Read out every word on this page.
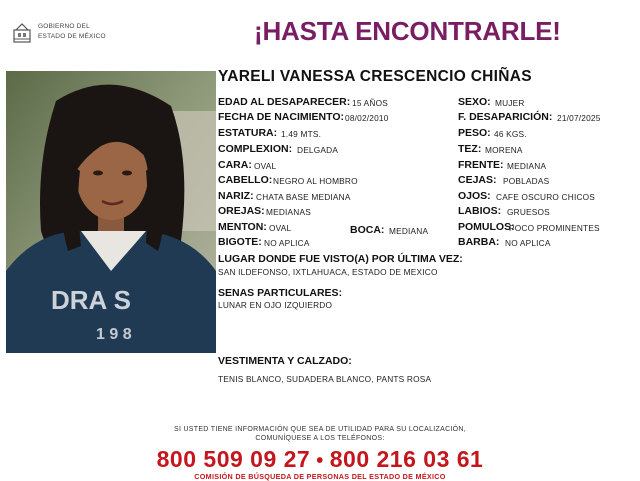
GOBIERNO DEL
ESTADO DE MÉXICO	¡HASTA ENCONTRARLE!
DRA S
1 9 8
YARELI VANESSA CRESCENCIO CHIÑAS
EDAD AL DESAPARECER: 15 AÑOS
FECHA DE NACIMIENTO: 08/02/2010
ESTATURA: 1.49 MTS.
COMPLEXION: DELGADA
CARA: OVAL
CABELLO: NEGRO AL HOMBRO
NARIZ: CHATA BASE MEDIANA
OREJAS: MEDIANAS
MENTON: OVAL
BIGOTE: NO APLICA
BOCA: MEDIANA
SEXO: MUJER
F. DESAPARICIÓN: 21/07/2025
PESO: 46 KGS.
TEZ: MORENA
FRENTE: MEDIANA
CEJAS: POBLADAS
OJOS: CAFE OSCURO CHICOS
LABIOS: GRUESOS
POMULOS:
POCO PROMINENTES
BARBA: NO APLICA
LUGAR DONDE FUE VISTO(A) POR ÚLTIMA VEZ:
SAN ILDEFONSO, IXTLAHUACA, ESTADO DE MEXICO
SENAS PARTICULARES:
LUNAR EN OJO IZQUIERDO
VESTIMENTA Y CALZADO:
TENIS BLANCO, SUDADERA BLANCO, PANTS ROSA
SI USTED TIENE INFORMACIÓN QUE SEA DE UTILIDAD PARA SU LOCALIZACIÓN,
COMUNÍQUESE A LOS TELÉFONOS:
800 509 09 27 • 800 216 03 61
COMISIÓN DE BÚSQUEDA DE PERSONAS DEL ESTADO DE MÉXICO
